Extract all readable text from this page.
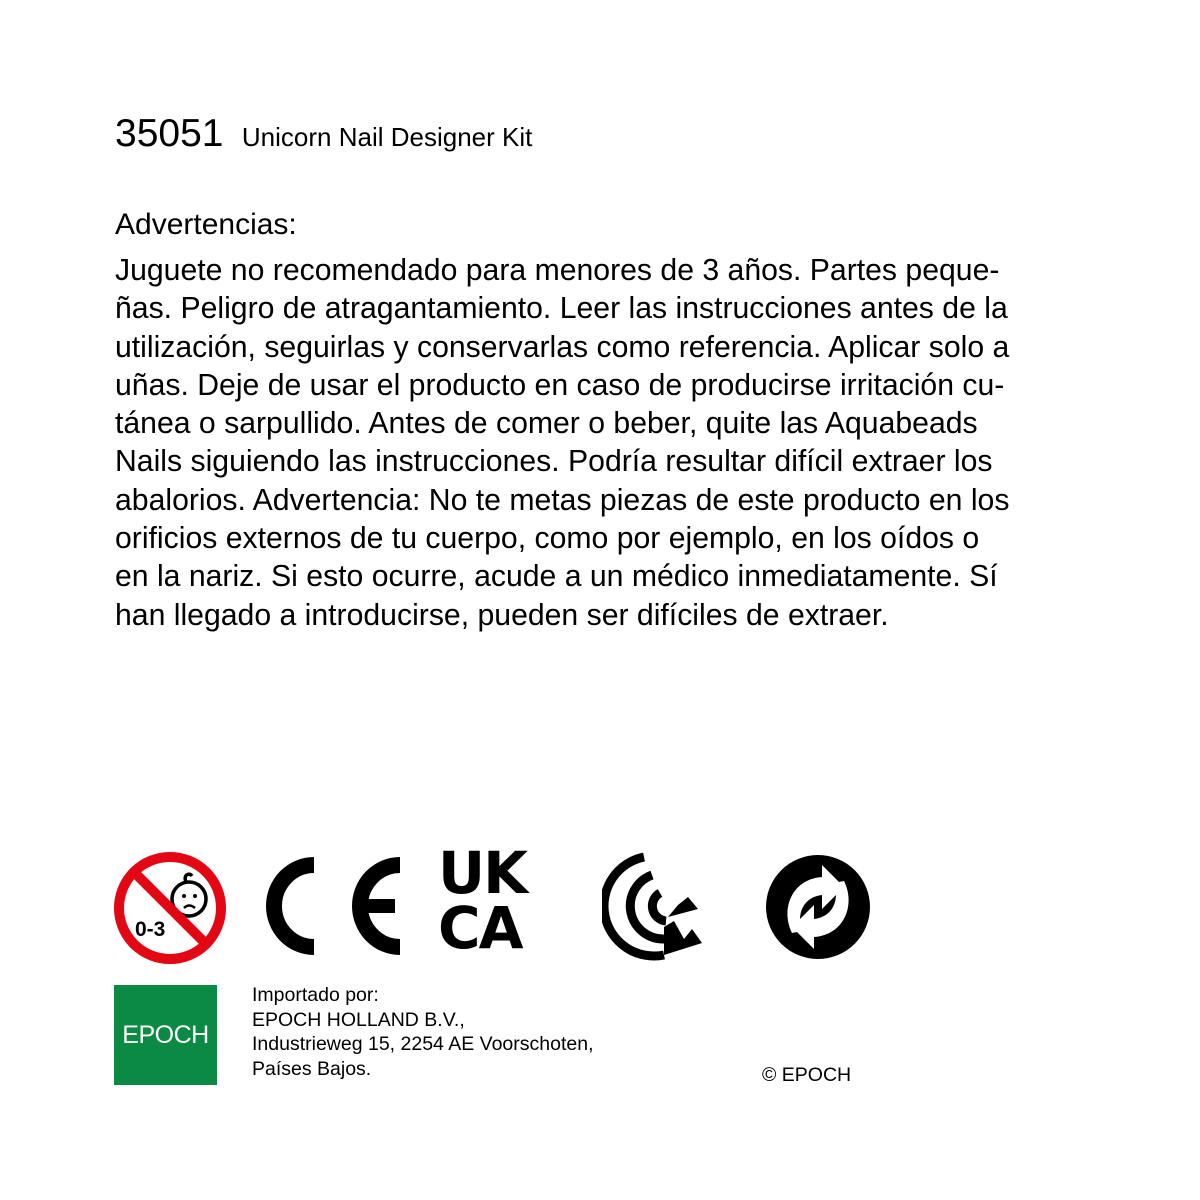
35051 Unicorn Nail Designer Kit
Advertencias:

Juguete no recomendado para menores de 3 años. Partes peque-
ñas. Peligro de atragantamiento. Leer las instrucciones antes de la
utilización, seguirlas y conservarlas como referencia. Aplicar solo a
uñas. Deje de usar el producto en caso de producirse irritación cu-
tánea o sarpullido. Antes de comer o beber, quite las Aquabeads
Nails siguiendo las instrucciones. Podría resultar difícil extraer los
abalorios. Advertencia: No te metas piezas de este producto en los
orificios externos de tu cuerpo, como por ejemplo, en los oídos o
en la nariz. Si esto ocurre, acude a un médico inmediatamente. Sí
han llegado a introducirse, pueden ser difíciles de extraer.

0-3
UK
CA
EPOCH
Importado por:
EPOCH HOLLAND B.V.,
Industrieweg 15, 2254 AE Voorschoten,
Países Bajos.	© EPOCH
